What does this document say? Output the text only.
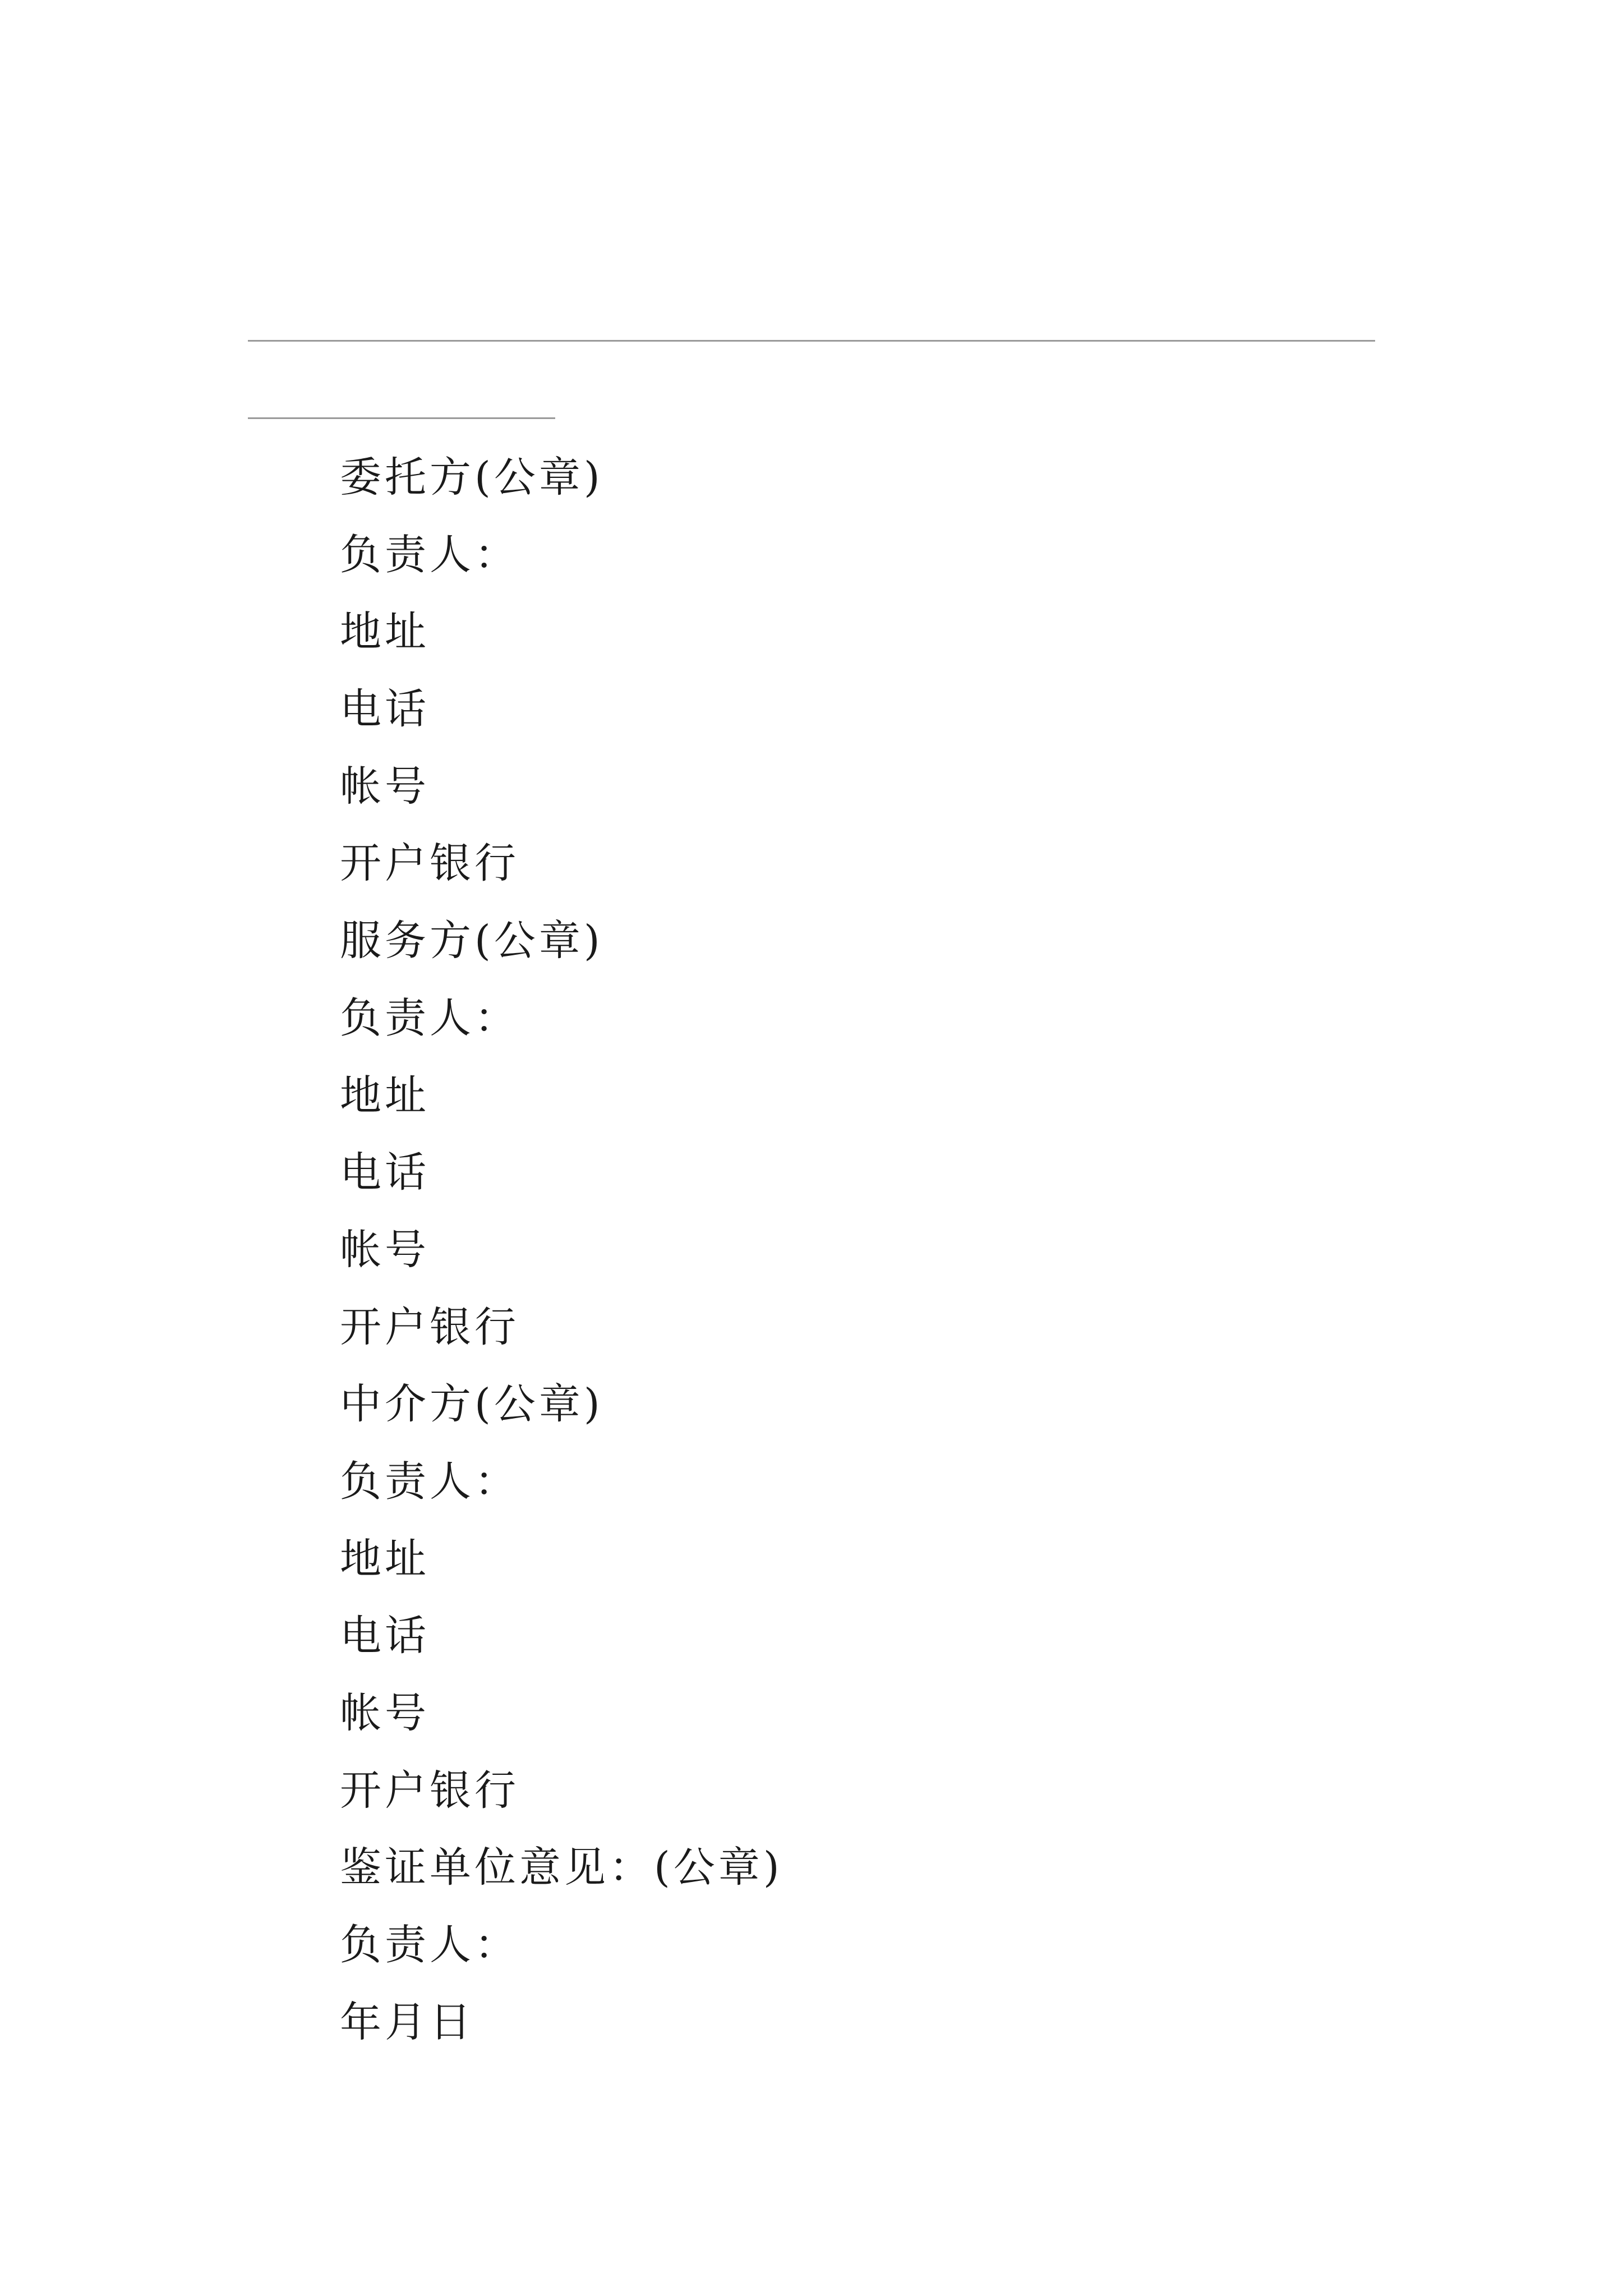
委托方(公章)
负责人：
地址
电话
帐号
开户银行
服务方(公章)
负责人：
地址
电话
帐号
开户银行
中介方(公章)
负责人：
地址
电话
帐号
开户银行
鉴证单位意见：(公章)
负责人：
年月日
